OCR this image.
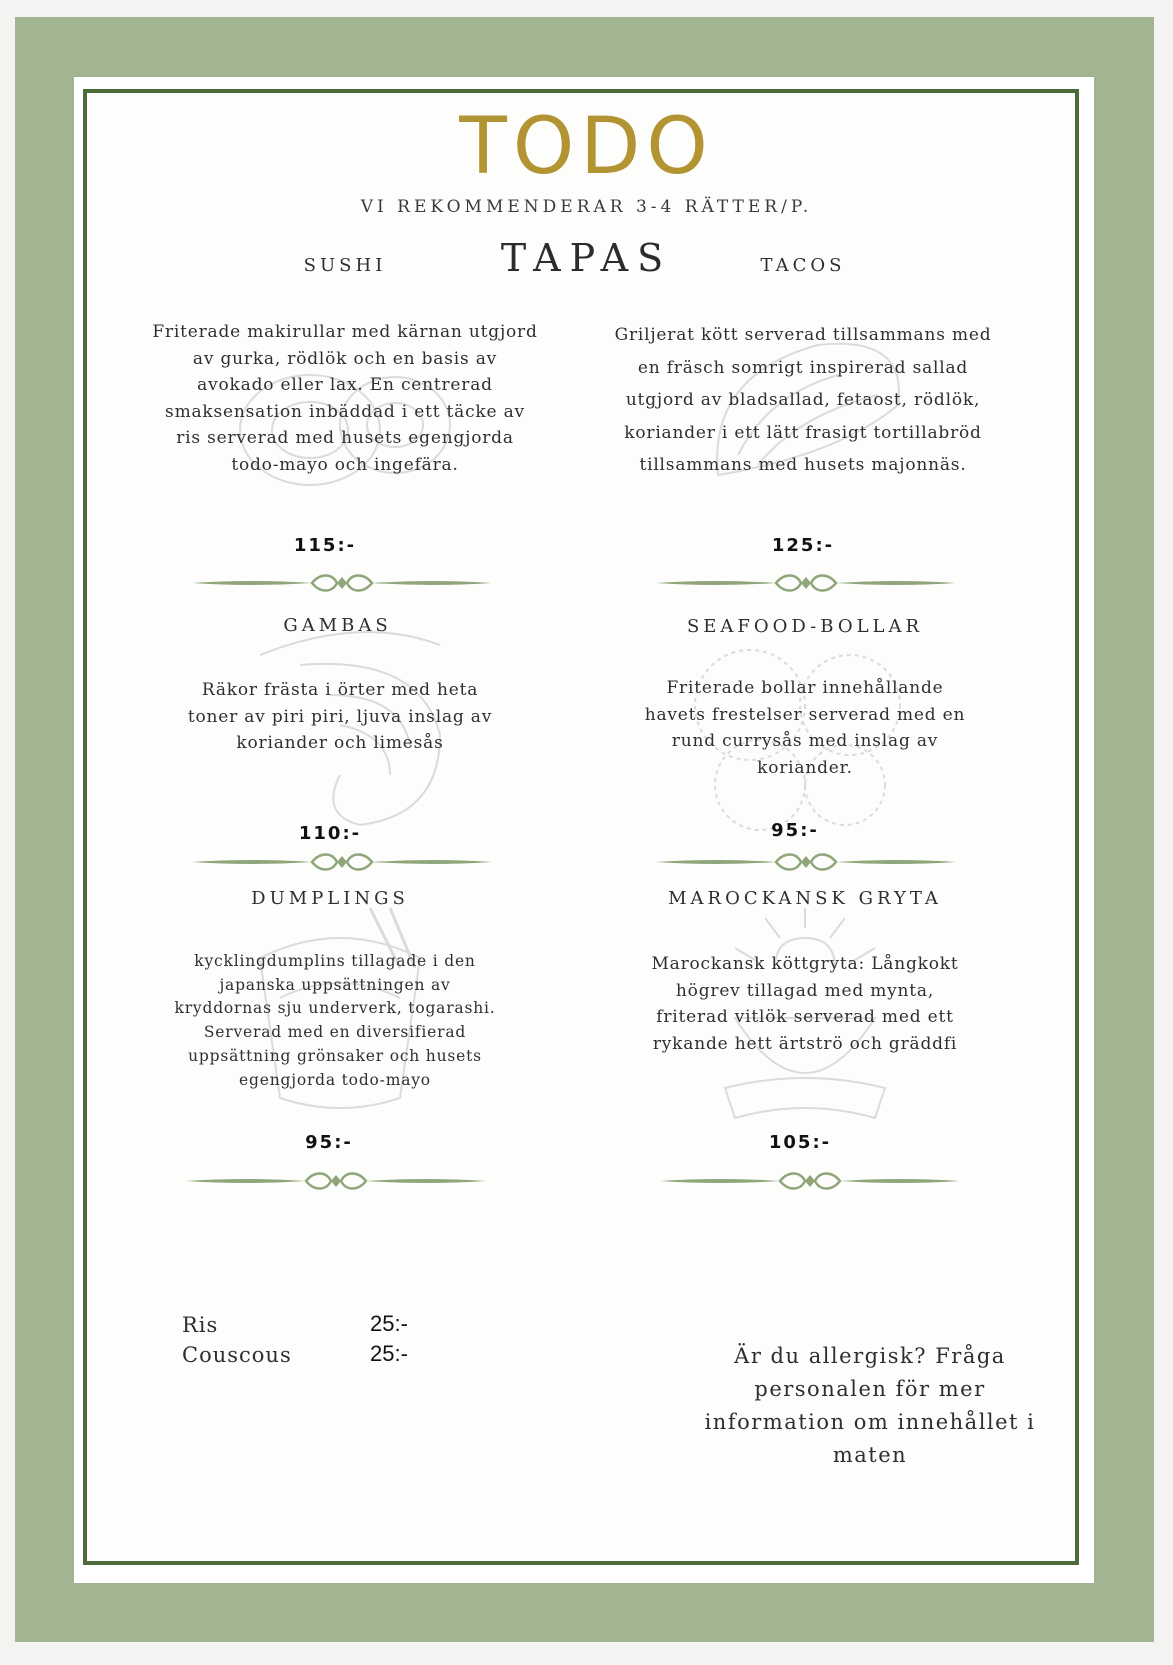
TODO
VI REKOMMENDERAR 3-4 RÄTTER/P.
TAPAS
SUSHI
Friterade makirullar med kärnan utgjord av gurka, rödlök och en basis av avokado eller lax. En centrerad smaksensation inbäddad i ett täcke av ris serverad med husets egengjorda todo-mayo och ingefära.
115:-
TACOS
Griljerat kött serverad tillsammans med en fräsch somrigt inspirerad sallad utgjord av bladsallad, fetaost, rödlök, koriander i ett lätt frasigt tortillabröd tillsammans med husets majonnäs.
125:-
GAMBAS
Räkor frästa i örter med heta toner av piri piri, ljuva inslag av koriander och limesås
110:-
SEAFOOD-BOLLAR
Friterade bollar innehållande havets frestelser serverad med en rund currysås med inslag av koriander.
95:-
DUMPLINGS
kycklingdumplins tillagade i den japanska uppsättningen av kryddornas sju underverk, togarashi. Serverad med en diversifierad uppsättning grönsaker och husets egengjorda todo-mayo
95:-
MAROCKANSK GRYTA
Marockansk köttgryta: Långkokt högrev tillagad med mynta, friterad vitlök serverad med ett rykande hett ärtströ och gräddfi
105:-
Ris	25:-
Couscous	25:-	Är du allergisk? Fråga personalen för mer information om innehållet i maten
